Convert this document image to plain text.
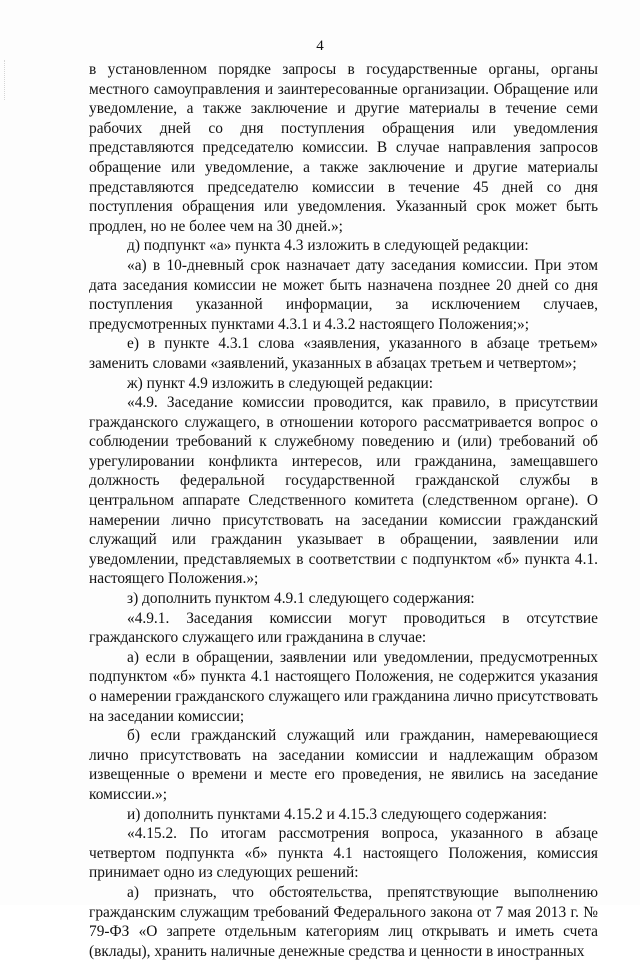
4

в установленном порядке запросы в государственные органы, органы местного самоуправления и заинтересованные организации. Обращение или уведомление, а также заключение и другие материалы в течение семи рабочих дней со дня поступления обращения или уведомления представляются председателю комиссии. В случае направления запросов обращение или уведомление, а также заключение и другие материалы представляются председателю комиссии в течение 45 дней со дня поступления обращения или уведомления. Указанный срок может быть продлен, но не более чем на 30 дней.»;

д) подпункт «а» пункта 4.3 изложить в следующей редакции:

«а) в 10-дневный срок назначает дату заседания комиссии. При этом дата заседания комиссии не может быть назначена позднее 20 дней со дня поступления указанной информации, за исключением случаев, предусмотренных пунктами 4.3.1 и 4.3.2 настоящего Положения;»;

е) в пункте 4.3.1 слова «заявления, указанного в абзаце третьем» заменить словами «заявлений, указанных в абзацах третьем и четвертом»;

ж) пункт 4.9 изложить в следующей редакции:

«4.9. Заседание комиссии проводится, как правило, в присутствии гражданского служащего, в отношении которого рассматривается вопрос о соблюдении требований к служебному поведению и (или) требований об урегулировании конфликта интересов, или гражданина, замещавшего должность федеральной государственной гражданской службы в центральном аппарате Следственного комитета (следственном органе). О намерении лично присутствовать на заседании комиссии гражданский служащий или гражданин указывает в обращении, заявлении или уведомлении, представляемых в соответствии с подпунктом «б» пункта 4.1. настоящего Положения.»;

з) дополнить пунктом 4.9.1 следующего содержания:

«4.9.1. Заседания комиссии могут проводиться в отсутствие гражданского служащего или гражданина в случае:

а) если в обращении, заявлении или уведомлении, предусмотренных подпунктом «б» пункта 4.1 настоящего Положения, не содержится указания о намерении гражданского служащего или гражданина лично присутствовать на заседании комиссии;

б) если гражданский служащий или гражданин, намеревающиеся лично присутствовать на заседании комиссии и надлежащим образом извещенные о времени и месте его проведения, не явились на заседание комиссии.»;

и) дополнить пунктами 4.15.2 и 4.15.3 следующего содержания:

«4.15.2. По итогам рассмотрения вопроса, указанного в абзаце четвертом подпункта «б» пункта 4.1 настоящего Положения, комиссия принимает одно из следующих решений:

а) признать, что обстоятельства, препятствующие выполнению гражданским служащим требований Федерального закона от 7 мая 2013 г. № 79-ФЗ «О запрете отдельным категориям лиц открывать и иметь счета (вклады), хранить наличные денежные средства и ценности в иностранных
